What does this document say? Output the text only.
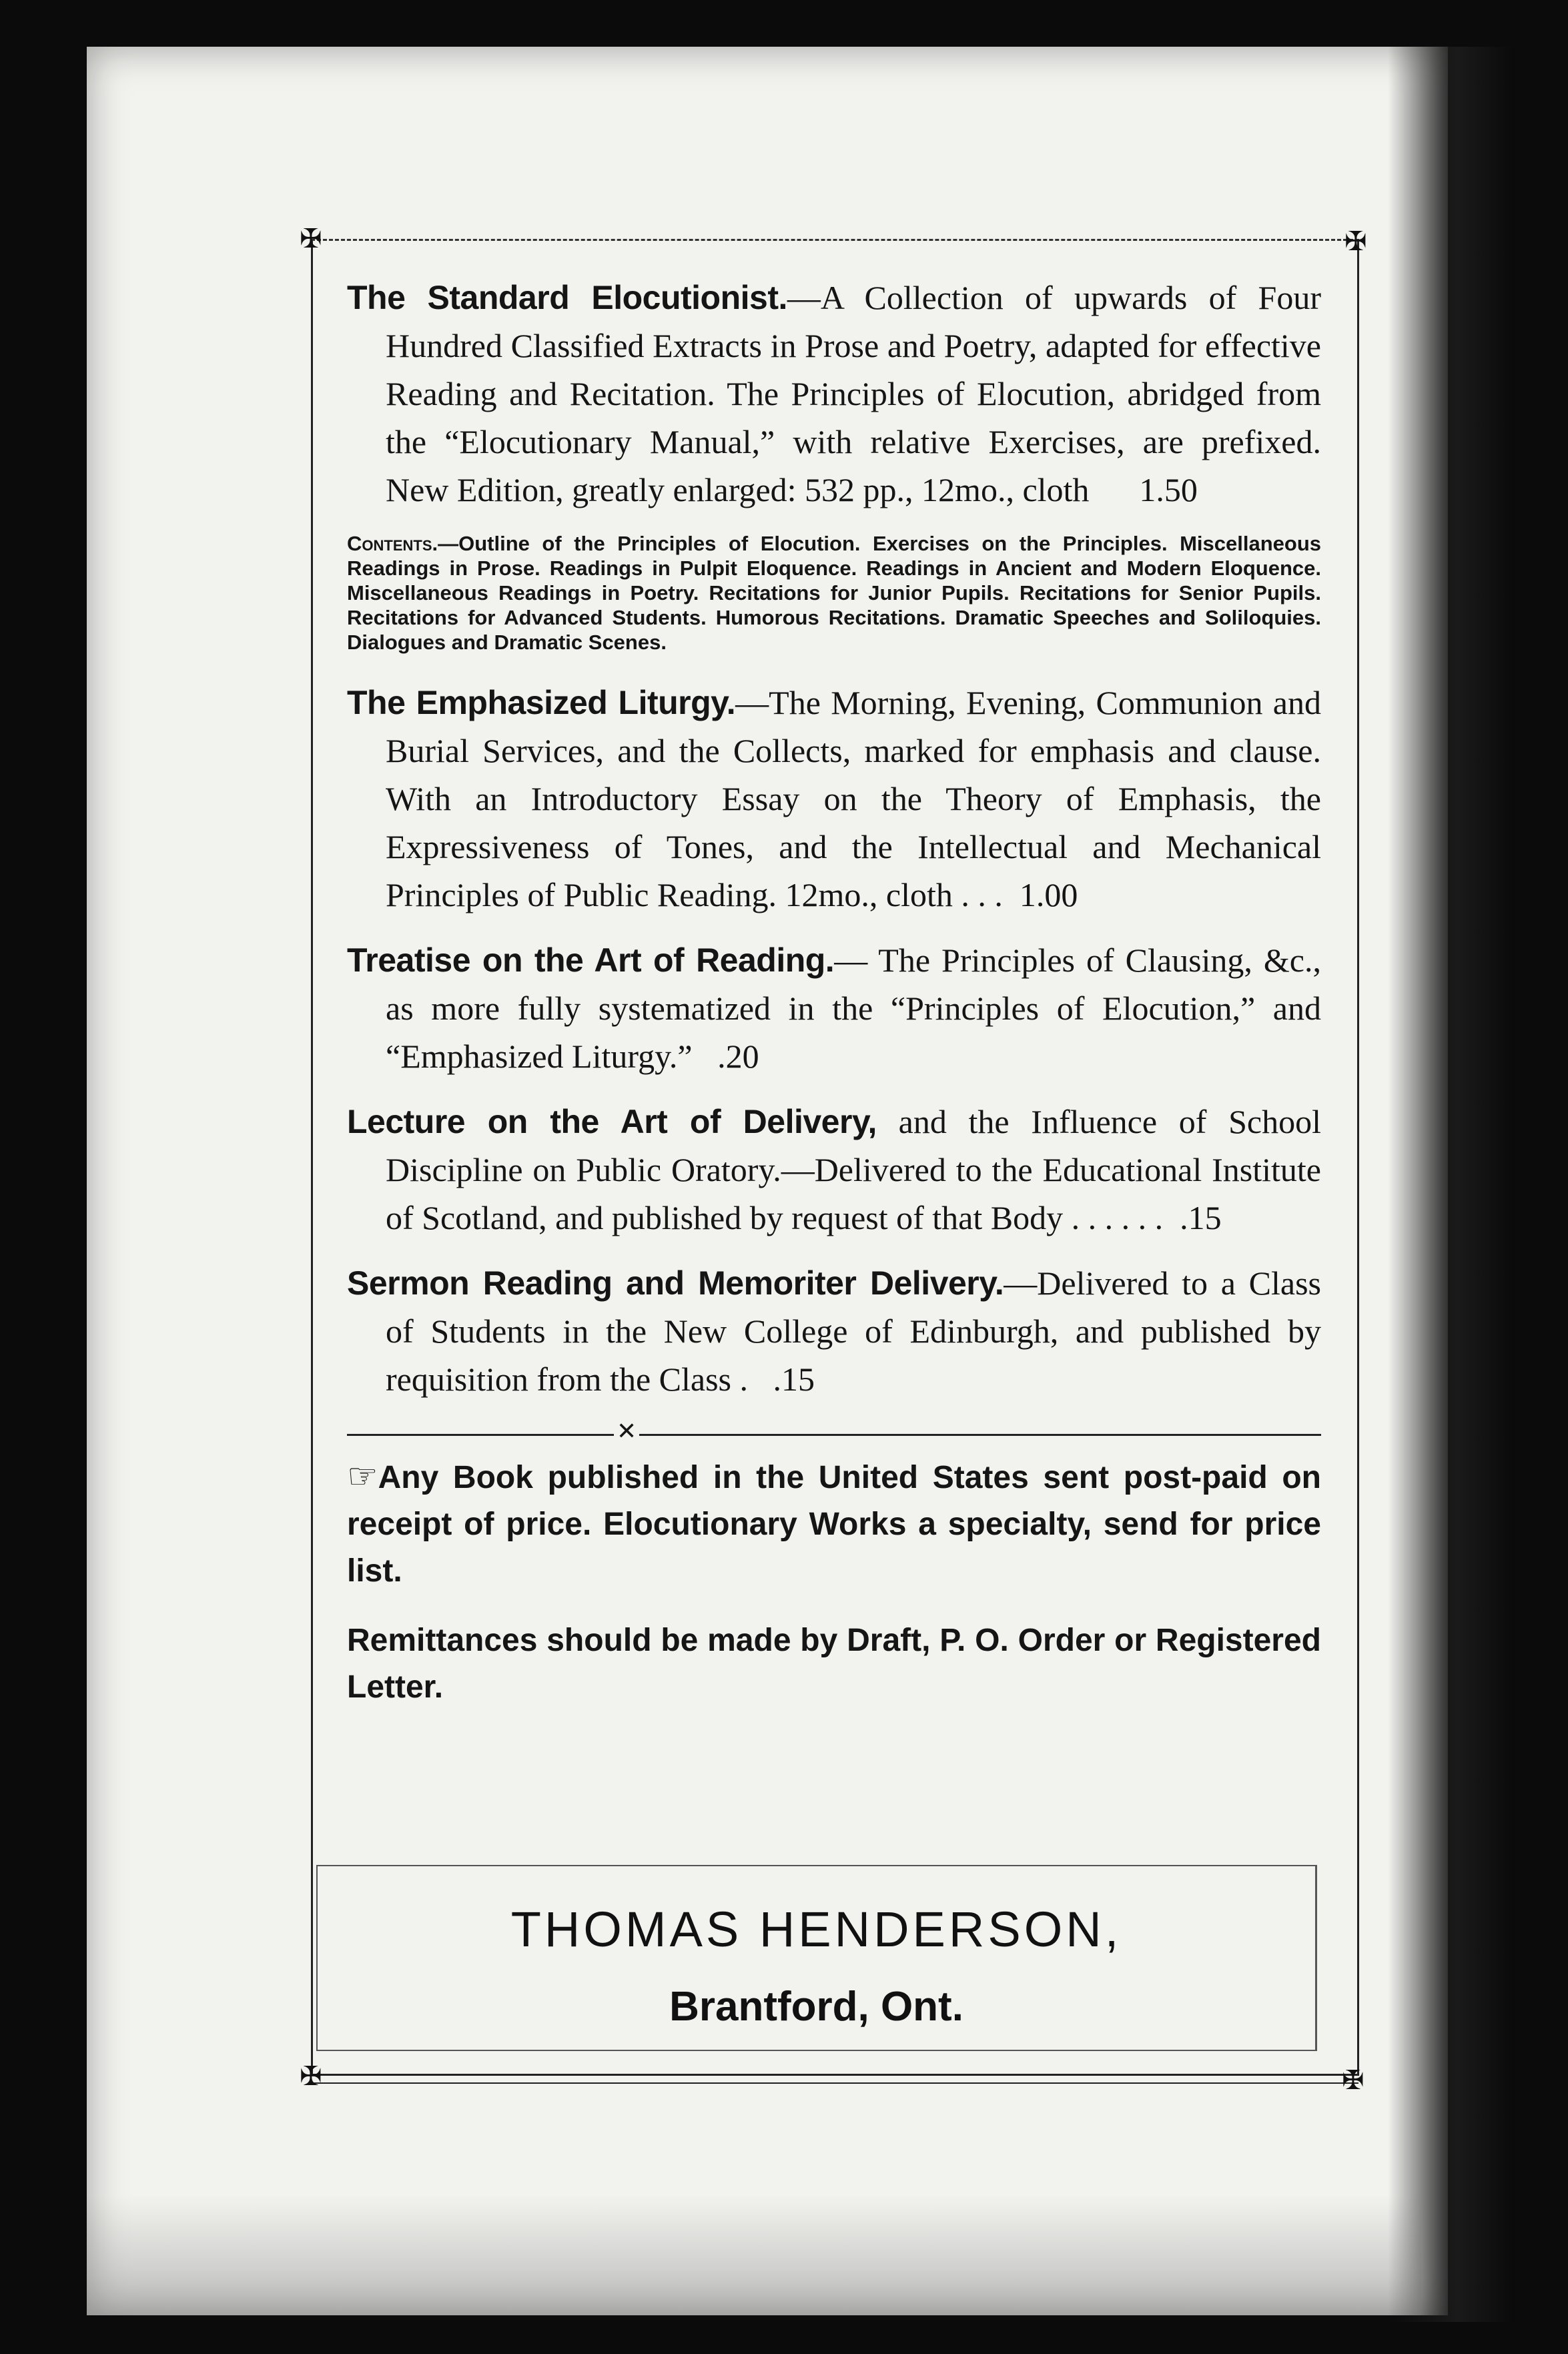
✠	✠
✠	✠

The Standard Elocutionist.—A Collection of upwards of Four Hundred Classified Extracts in Prose and Poetry, adapted for effective Reading and Recitation. The Principles of Elocution, abridged from the “Elocutionary Manual,” with relative Exercises, are prefixed. New Edition, greatly enlarged: 532 pp., 12mo., cloth 1.50

Contents.—Outline of the Principles of Elocution. Exercises on the Principles. Miscellaneous Readings in Prose. Readings in Pulpit Eloquence. Readings in Ancient and Modern Eloquence. Miscellaneous Readings in Poetry. Recitations for Junior Pupils. Recitations for Senior Pupils. Recitations for Advanced Students. Humorous Recitations. Dramatic Speeches and Soliloquies. Dialogues and Dramatic Scenes.

The Emphasized Liturgy.—The Morning, Evening, Communion and Burial Services, and the Collects, marked for emphasis and clause. With an Introductory Essay on the Theory of Emphasis, the Expressiveness of Tones, and the Intellectual and Mechanical Principles of Public Reading. 12mo., cloth . . . 1.00

Treatise on the Art of Reading.— The Principles of Clausing, &c., as more fully systematized in the “Principles of Elocution,” and “Emphasized Liturgy.” .20

Lecture on the Art of Delivery, and the Influence of School Discipline on Public Oratory.—Delivered to the Educational Institute of Scotland, and published by request of that Body . . . . . . .15

Sermon Reading and Memoriter Delivery.—Delivered to a Class of Students in the New College of Edinburgh, and published by requisition from the Class . .15

✕

☞Any Book published in the United States sent post-paid on receipt of price. Elocutionary Works a specialty, send for price list.

Remittances should be made by Draft, P. O. Order or Registered Letter.

THOMAS HENDERSON,
Brantford, Ont.
